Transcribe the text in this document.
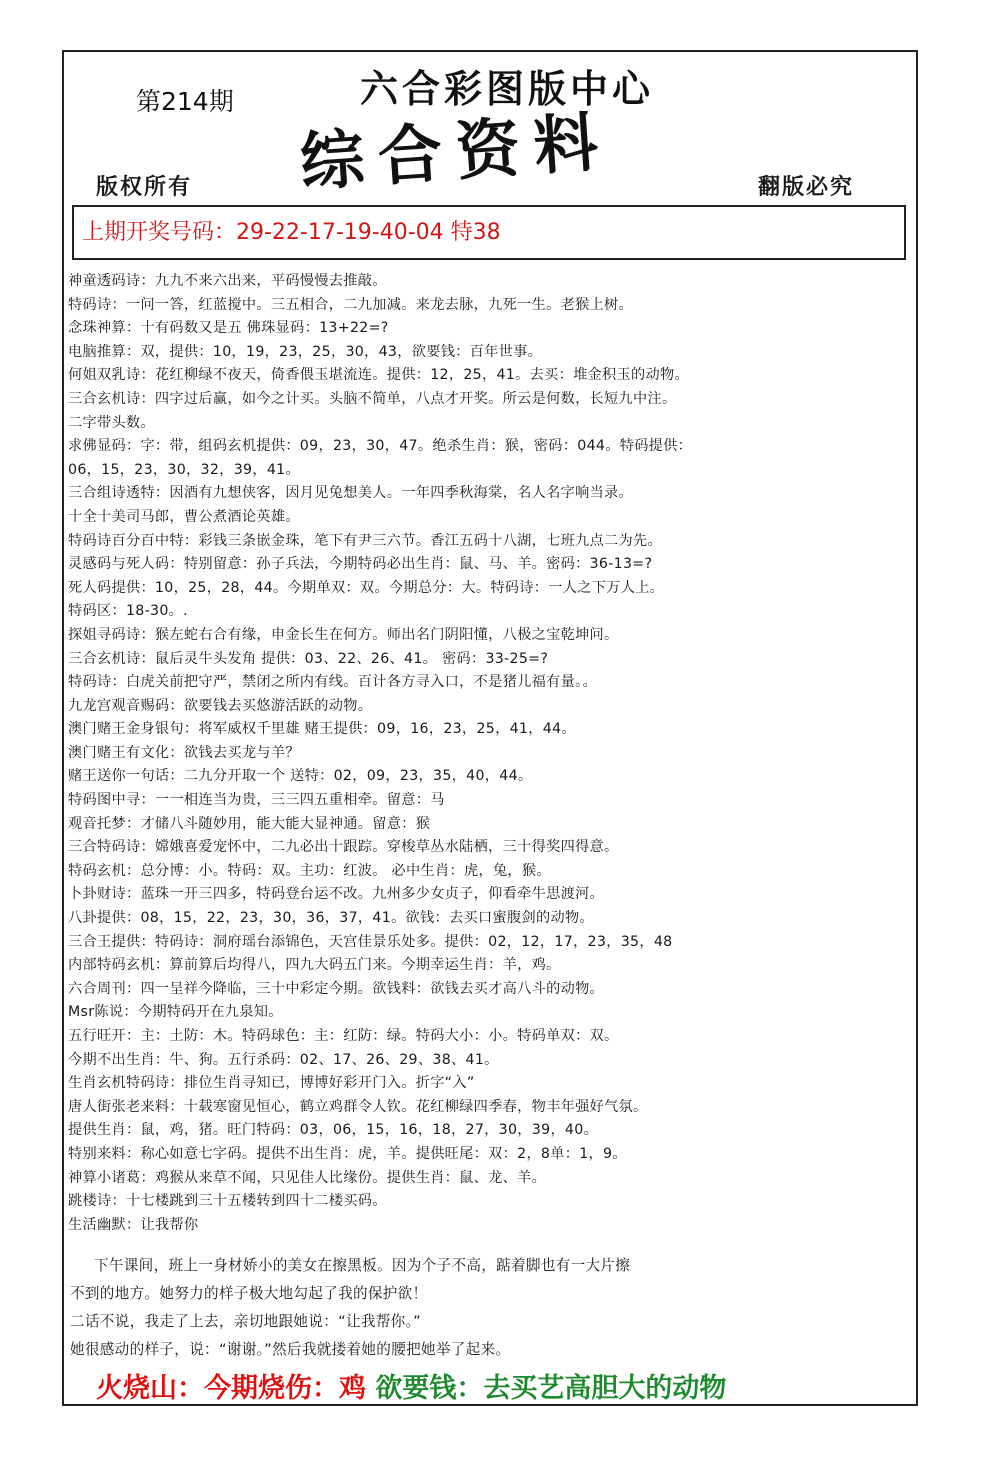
第214期	六合彩图版中心
综合资料
版权所有	翻版必究
上期开奖号码：29-22-17-19-40-04 特38
神童透码诗：九九不来六出来，平码慢慢去推敲。
特码诗：一问一答，红蓝搅中。三五相合，二九加减。来龙去脉，九死一生。老猴上树。
念珠神算：十有码数又是五 佛珠显码：13+22=?
电脑推算：双，提供：10，19，23，25，30，43，欲要钱：百年世事。
何姐双乳诗：花红柳绿不夜天，倚香偎玉堪流连。提供：12，25，41。去买：堆金积玉的动物。
三合玄机诗：四字过后赢，如今之计买。头脑不简单，八点才开奖。所云是何数，长短九中注。
二字带头数。
求佛显码：字：带，组码玄机提供：09，23，30，47。绝杀生肖：猴，密码：044。特码提供：
06，15，23，30，32，39，41。
三合组诗透特：因酒有九想侠客，因月见兔想美人。一年四季秋海棠，名人名字响当录。
十全十美司马郎，曹公煮酒论英雄。
特码诗百分百中特：彩钱三条嵌金珠，笔下有尹三六节。香江五码十八湖，七班九点二为先。
灵感码与死人码：特别留意：孙子兵法，今期特码必出生肖：鼠、马、羊。密码：36-13=?
死人码提供：10，25，28，44。今期单双：双。今期总分：大。特码诗：一人之下万人上。
特码区：18-30。.
探姐寻码诗：猴左蛇右合有缘，申金长生在何方。师出名门阴阳懂，八极之宝乾坤问。
三合玄机诗：鼠后灵牛头发角 提供：03、22、26、41。 密码：33-25=?
特码诗：白虎关前把守严，禁闭之所内有线。百计各方寻入口，不是猪儿福有量。。
九龙宫观音赐码：欲要钱去买悠游活跃的动物。
澳门赌王金身银句：将军威权千里雄 赌王提供：09，16，23，25，41，44。
澳门赌王有文化：欲钱去买龙与羊？
赌王送你一句话：二九分开取一个 送特：02，09，23，35，40，44。
特码图中寻：一一相连当为贵，三三四五重相牵。留意：马
观音托梦：才储八斗随妙用，能大能大显神通。留意：猴
三合特码诗：嫦娥喜爱宠怀中，二九必出十跟踪。穿梭草丛水陆栖，三十得奖四得意。
特码玄机：总分博：小。特码：双。主功：红波。 必中生肖：虎，兔，猴。
卜卦财诗：蓝珠一开三四多，特码登台运不改。九州多少女贞子，仰看牵牛思渡河。
八卦提供：08，15，22，23，30，36，37，41。欲钱：去买口蜜腹剑的动物。
三合王提供：特码诗：洞府瑶台添锦色，天宫佳景乐处多。提供：02，12，17，23，35，48
内部特码玄机：算前算后均得八，四九大码五门来。今期幸运生肖：羊，鸡。
六合周刊：四一呈祥今降临，三十中彩定今期。欲钱料：欲钱去买才高八斗的动物。
Msr陈说：今期特码开在九泉知。
五行旺开：主：土防：木。特码球色：主：红防：绿。特码大小：小。特码单双：双。
今期不出生肖：牛、狗。五行杀码：02、17、26、29、38、41。
生肖玄机特码诗：排位生肖寻知已，博博好彩开门入。折字“入”
唐人街张老来料：十载寒窗见恒心，鹤立鸡群令人钦。花红柳绿四季春，物丰年强好气氛。
提供生肖：鼠，鸡，猪。旺门特码：03，06，15，16，18，27，30，39，40。
特别来料：称心如意七字码。提供不出生肖：虎，羊。提供旺尾：双：2，8单：1，9。
神算小诸葛：鸡猴从来草不闻，只见佳人比缘份。提供生肖：鼠、龙、羊。
跳楼诗：十七楼跳到三十五楼转到四十二楼买码。
生活幽默：让我帮你
下午课间，班上一身材娇小的美女在擦黑板。因为个子不高，踮着脚也有一大片擦
不到的地方。她努力的样子极大地勾起了我的保护欲！
二话不说，我走了上去，亲切地跟她说：“让我帮你。”
她很感动的样子，说：“谢谢。”然后我就搂着她的腰把她举了起来。
火烧山：今期烧伤：鸡 欲要钱：去买艺高胆大的动物
